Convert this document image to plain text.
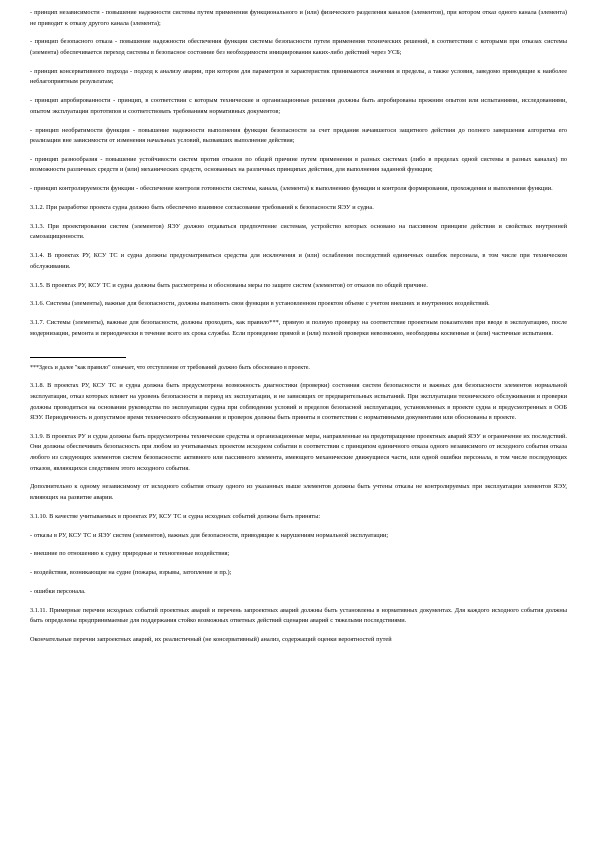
- принцип независимости - повышение надежности системы путем применения функционального и (или) физического разделения каналов (элементов), при котором отказ одного канала (элемента) не приводит к отказу другого канала (элемента);

- принцип безопасного отказа - повышение надежности обеспечения функции системы безопасности путем применения технических решений, в соответствии с которыми при отказах системы (элемента) обеспечивается переход системы в безопасное состояние без необходимости инициирования каких-либо действий через УСБ;

- принцип консервативного подхода - подход к анализу аварии, при котором для параметров и характеристик принимаются значения и пределы, а также условия, заведомо приводящие к наиболее неблагоприятным результатам;

- принцип апробированности - принцип, в соответствии с которым технические и организационные решения должны быть апробированы прежним опытом или испытаниями, исследованиями, опытом эксплуатации прототипов и соответствовать требованиям нормативных документов;

- принцип необратимости функции - повышение надежности выполнения функции безопасности за счет придания начавшегося защитного действия до полного завершения алгоритма его реализации вне зависимости от изменения начальных условий, вызвавших выполнение действия;

- принцип разнообразия - повышение устойчивости систем против отказов по общей причине путем применения в разных системах (либо в пределах одной системы в разных каналах) по возможности различных средств и (или) механических средств, основанных на различных принципах действия, для выполнения заданной функции;

- принцип контролируемости функции - обеспечение контроля готовности системы, канала, (элемента) к выполнению функции и контроля формирования, прохождения и выполнения функции.

3.1.2. При разработке проекта судна должно быть обеспечено взаимное согласование требований к безопасности ЯЭУ и судна.

3.1.3. При проектировании систем (элементов) ЯЭУ должно отдаваться предпочтение системам, устройство которых основано на пассивном принципе действия и свойствах внутренней самозащищенности.

3.1.4. В проектах РУ, КСУ ТС и судна должны предусматриваться средства для исключения и (или) ослабления последствий единичных ошибок персонала, в том числе при техническом обслуживании.

3.1.5. В проектах РУ, КСУ ТС и судна должны быть рассмотрены и обоснованы меры по защите систем (элементов) от отказов по общей причине.

3.1.6. Системы (элементы), важные для безопасности, должны выполнять свои функции в установленном проектом объеме с учетом внешних и внутренних воздействий.

3.1.7. Системы (элементы), важные для безопасности, должны проходить, как правило***, прямую и полную проверку на соответствие проектным показателям при вводе в эксплуатацию, после модернизации, ремонта и периодически в течение всего их срока службы. Если проведение прямой и (или) полной проверки невозможно, необходимы косвенные и (или) частичные испытания.

***Здесь и далее "как правило" означает, что отступление от требований должно быть обосновано в проекте.

3.1.8. В проектах РУ, КСУ ТС и судна должна быть предусмотрена возможность диагностики (проверки) состояния систем безопасности и важных для безопасности элементов нормальной эксплуатации, отказ которых влияет на уровень безопасности в период их эксплуатации, и не зависящих от предварительных испытаний. При эксплуатации технического обслуживания и проверки должны проводиться на основании руководства по эксплуатации судна при соблюдении условий и пределов безопасной эксплуатации, установленных в проекте судна и предусмотренных в ООБ ЯЭУ. Периодичность и допустимое время технического обслуживания и проверок должны быть приняты в соответствии с нормативными документами или обоснованы в проекте.

3.1.9. В проектах РУ и судна должны быть предусмотрены технические средства и организационные меры, направленные на предотвращение проектных аварий ЯЭУ и ограничение их последствий. Они должны обеспечивать безопасность при любом из учитываемых проектом исходном событии в соответствии с принципом единичного отказа одного независимого от исходного события отказа любого из следующих элементов систем безопасности: активного или пассивного элемента, имеющего механические движущиеся части, или одной ошибки персонала, в том числе последующих отказов, являющихся следствием этого исходного события.

Дополнительно к одному независимому от исходного события отказу одного из указанных выше элементов должны быть учтены отказы не контролируемых при эксплуатации элементов ЯЭУ, влияющих на развитие аварии.

3.1.10. В качестве учитываемых в проектах РУ, КСУ ТС и судна исходных событий должны быть приняты:

- отказы в РУ, КСУ ТС и ЯЭУ систем (элементов), важных для безопасности, приводящие к нарушениям нормальной эксплуатации;

- внешние по отношению к судну природные и техногенные воздействия;

- воздействия, возникающие на судне (пожары, взрывы, затопление и пр.);

- ошибки персонала.

3.1.11. Примерные перечни исходных событий проектных аварий и перечень запроектных аварий должны быть установлены в нормативных документах. Для каждого исходного события должны быть определены предпринимаемые для поддержания стойко возможных ответных действий сценарии аварий с тяжелыми последствиями.

Окончательные перечни запроектных аварий, их реалистичный (не консервативный) анализ, содержащий оценки вероятностей путей
